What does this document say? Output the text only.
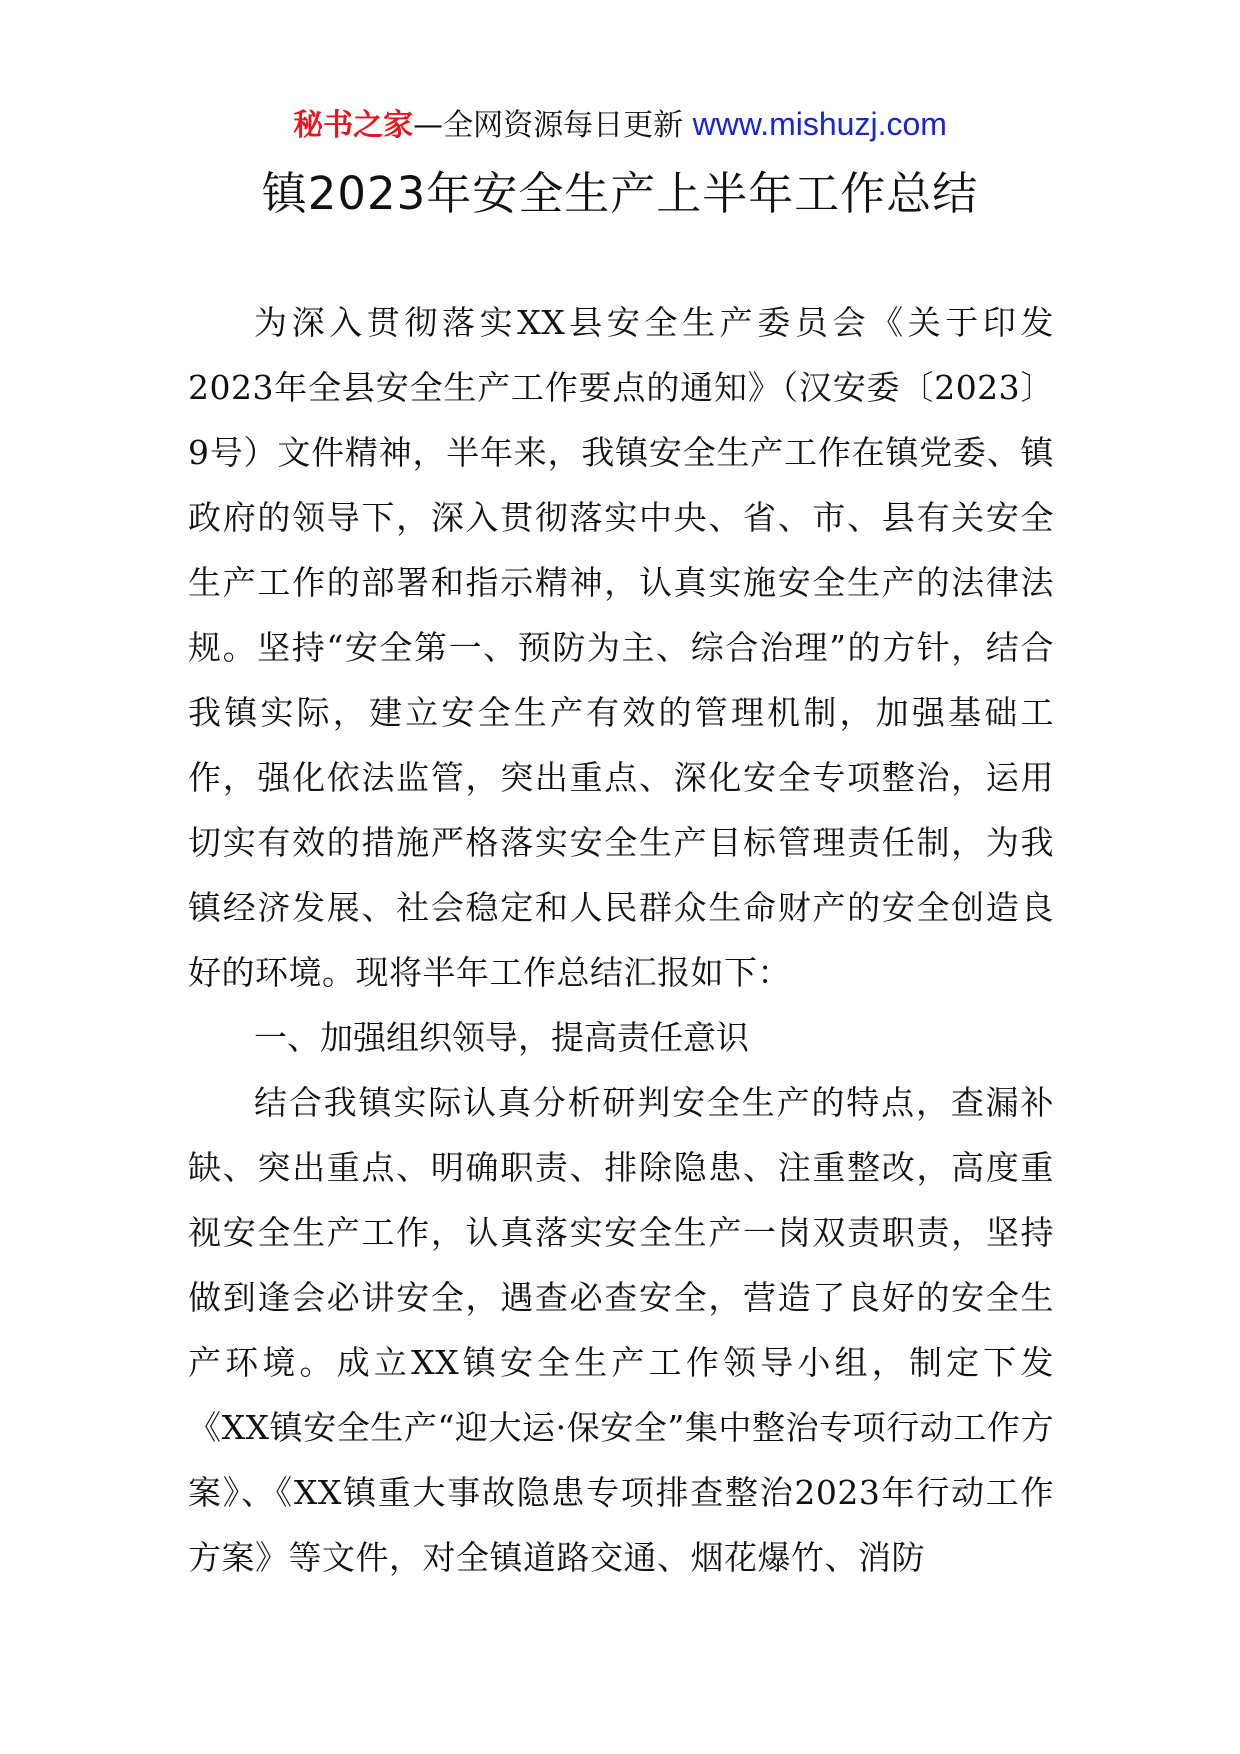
秘书之家—全网资源每日更新 www.mishuzj.com
镇2023年安全生产上半年工作总结

为深入贯彻落实XX县安全生产委员会《关于印发2023年全县安全生产工作要点的通知》（汉安委〔2023〕9号）文件精神，半年来，我镇安全生产工作在镇党委、镇政府的领导下，深入贯彻落实中央、省、市、县有关安全生产工作的部署和指示精神，认真实施安全生产的法律法规。坚持“安全第一、预防为主、综合治理”的方针，结合我镇实际，建立安全生产有效的管理机制，加强基础工作，强化依法监管，突出重点、深化安全专项整治，运用切实有效的措施严格落实安全生产目标管理责任制，为我镇经济发展、社会稳定和人民群众生命财产的安全创造良好的环境。现将半年工作总结汇报如下：

一、加强组织领导，提高责任意识

结合我镇实际认真分析研判安全生产的特点，查漏补缺、突出重点、明确职责、排除隐患、注重整改，高度重视安全生产工作，认真落实安全生产一岗双责职责，坚持做到逢会必讲安全，遇查必查安全，营造了良好的安全生产环境。成立XX镇安全生产工作领导小组，制定下发《XX镇安全生产“迎大运·保安全”集中整治专项行动工作方案》、《XX镇重大事故隐患专项排查整治2023年行动工作方案》等文件，对全镇道路交通、烟花爆竹、消防
